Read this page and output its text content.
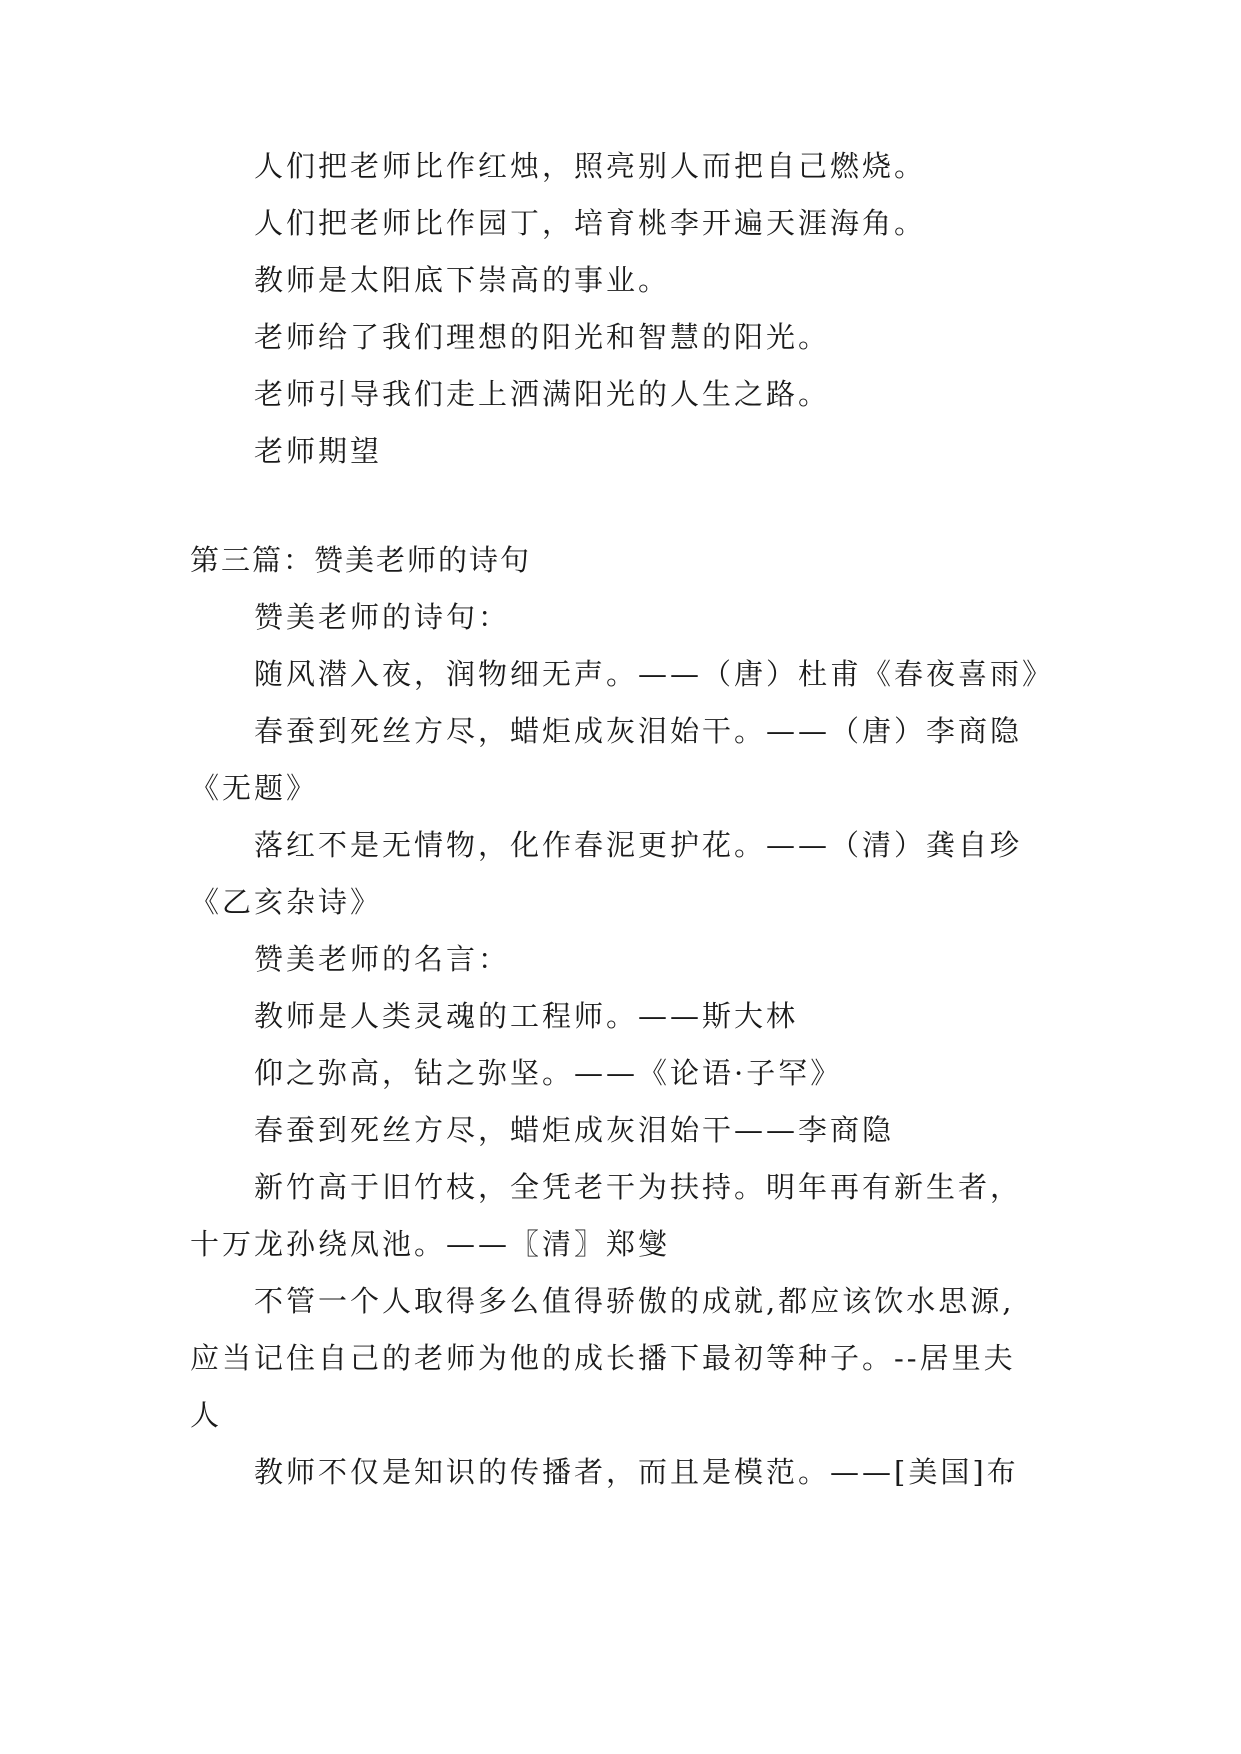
人们把老师比作红烛，照亮别人而把自己燃烧。
人们把老师比作园丁，培育桃李开遍天涯海角。
教师是太阳底下崇高的事业。
老师给了我们理想的阳光和智慧的阳光。
老师引导我们走上洒满阳光的人生之路。
老师期望
第三篇：赞美老师的诗句
赞美老师的诗句：
随风潜入夜，润物细无声。——（唐）杜甫《春夜喜雨》
春蚕到死丝方尽，蜡炬成灰泪始干。——（唐）李商隐
《无题》
落红不是无情物，化作春泥更护花。——（清）龚自珍
《乙亥杂诗》
赞美老师的名言：
教师是人类灵魂的工程师。——斯大林
仰之弥高，钻之弥坚。——《论语·子罕》
春蚕到死丝方尽，蜡炬成灰泪始干——李商隐
新竹高于旧竹枝，全凭老干为扶持。明年再有新生者，
十万龙孙绕凤池。——〖清〗郑燮
不管一个人取得多么值得骄傲的成就,都应该饮水思源,
应当记住自己的老师为他的成长播下最初等种子。--居里夫
人
教师不仅是知识的传播者，而且是模范。——[美国]布
